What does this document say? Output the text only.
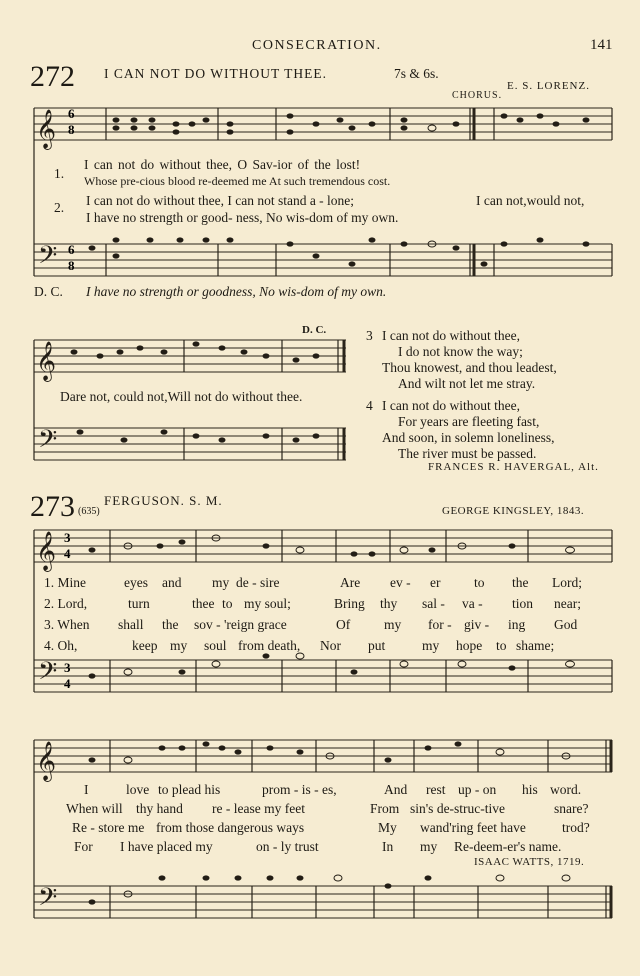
CONSECRATION.	141
272 I CAN NOT DO WITHOUT THEE.	7s & 6s.
E. S. LORENZ.
CHORUS.
𝄞 6
8
𝄢 6
8
1.
I can not do without thee, O Sav-ior of the lost!
Whose pre-cious blood re-deemed me At such tremendous cost.
2. I can not do without thee, I can not stand a - lone;
I have no strength or good- ness, No wis-dom of my own.
I can not,would not,
D. C. I have no strength or goodness, No wis-dom of my own.
𝄞
𝄢
D. C.
Dare not, could not,Will not do without thee.
3 I can not do without thee,
I do not know the way;
Thou knowest, and thou leadest,
And wilt not let me stray.
4 I can not do without thee,
For years are fleeting fast,
And soon, in solemn loneliness,
The river must be passed.
FRANCES R. HAVERGAL, Alt.
273 (635)
FERGUSON. S. M.
GEORGE KINGSLEY, 1843.
𝄞
𝄢
3
4
3
4
1. Mine	eyes and my de - sire	Are ev - er to the Lord;
2. Lord,	turn	thee to my soul;	Bring thy sal - va - tion near;
3. When shall the sov - 'reign grace	Of	my for - giv - ing God
4. Oh,	keep my soul from death, Nor put	my hope to shame;
𝄞
𝄢
I	love to plead his	prom - is - es,	And rest up - on his word.
When will thy hand re - lease my feet	From sin's de-struc-tive	snare?
Re - store me from those dangerous ways	My wand'ring feet have	trod?
For I have placed my	on - ly trust	In my Re-deem-er's name.
ISAAC WATTS, 1719.
